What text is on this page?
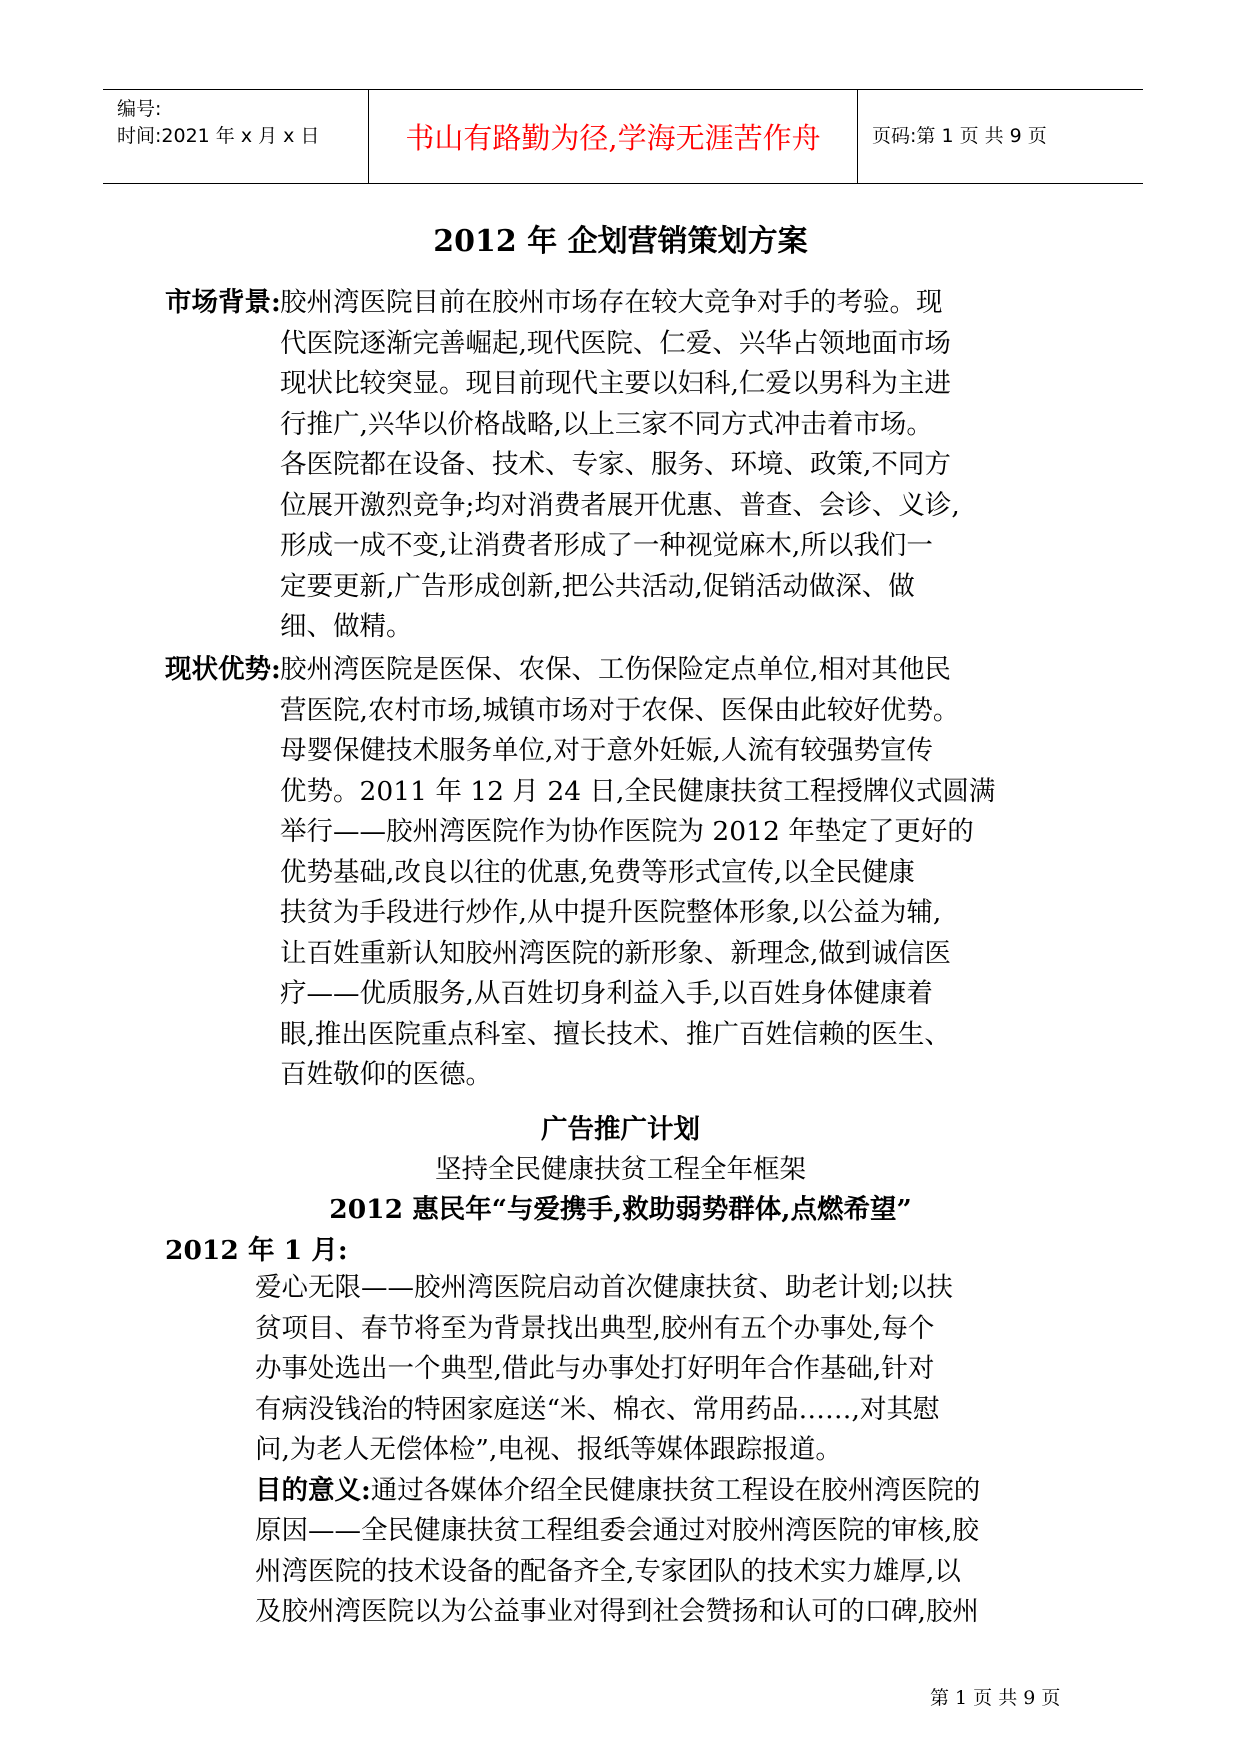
编号:
时间:2021 年 x 月 x 日	书山有路勤为径,学海无涯苦作舟	页码:第 1 页 共 9 页
2012 年 企划营销策划方案
市场背景: 胶州湾医院目前在胶州市场存在较大竞争对手的考验。现
代医院逐渐完善崛起,现代医院、仁爱、兴华占领地面市场
现状比较突显。现目前现代主要以妇科,仁爱以男科为主进
行推广,兴华以价格战略,以上三家不同方式冲击着市场。
各医院都在设备、技术、专家、服务、环境、政策,不同方
位展开激烈竞争;均对消费者展开优惠、普查、会诊、义诊,
形成一成不变,让消费者形成了一种视觉麻木,所以我们一
定要更新,广告形成创新,把公共活动,促销活动做深、做
细、做精。
现状优势: 胶州湾医院是医保、农保、工伤保险定点单位,相对其他民
营医院,农村市场,城镇市场对于农保、医保由此较好优势。
母婴保健技术服务单位,对于意外妊娠,人流有较强势宣传
优势。2011 年 12 月 24 日,全民健康扶贫工程授牌仪式圆满
举行——胶州湾医院作为协作医院为 2012 年垫定了更好的
优势基础,改良以往的优惠,免费等形式宣传,以全民健康
扶贫为手段进行炒作,从中提升医院整体形象,以公益为辅,
让百姓重新认知胶州湾医院的新形象、新理念,做到诚信医
疗——优质服务,从百姓切身利益入手,以百姓身体健康着
眼,推出医院重点科室、擅长技术、推广百姓信赖的医生、
百姓敬仰的医德。
广告推广计划
坚持全民健康扶贫工程全年框架
2012 惠民年“与爱携手,救助弱势群体,点燃希望”
2012 年 1 月:
爱心无限——胶州湾医院启动首次健康扶贫、助老计划;以扶
贫项目、春节将至为背景找出典型,胶州有五个办事处,每个
办事处选出一个典型,借此与办事处打好明年合作基础,针对
有病没钱治的特困家庭送“米、棉衣、常用药品……,对其慰
问,为老人无偿体检”,电视、报纸等媒体跟踪报道。
目的意义:通过各媒体介绍全民健康扶贫工程设在胶州湾医院的
原因——全民健康扶贫工程组委会通过对胶州湾医院的审核,胶
州湾医院的技术设备的配备齐全,专家团队的技术实力雄厚,以
及胶州湾医院以为公益事业对得到社会赞扬和认可的口碑,胶州
第 1 页 共 9 页
